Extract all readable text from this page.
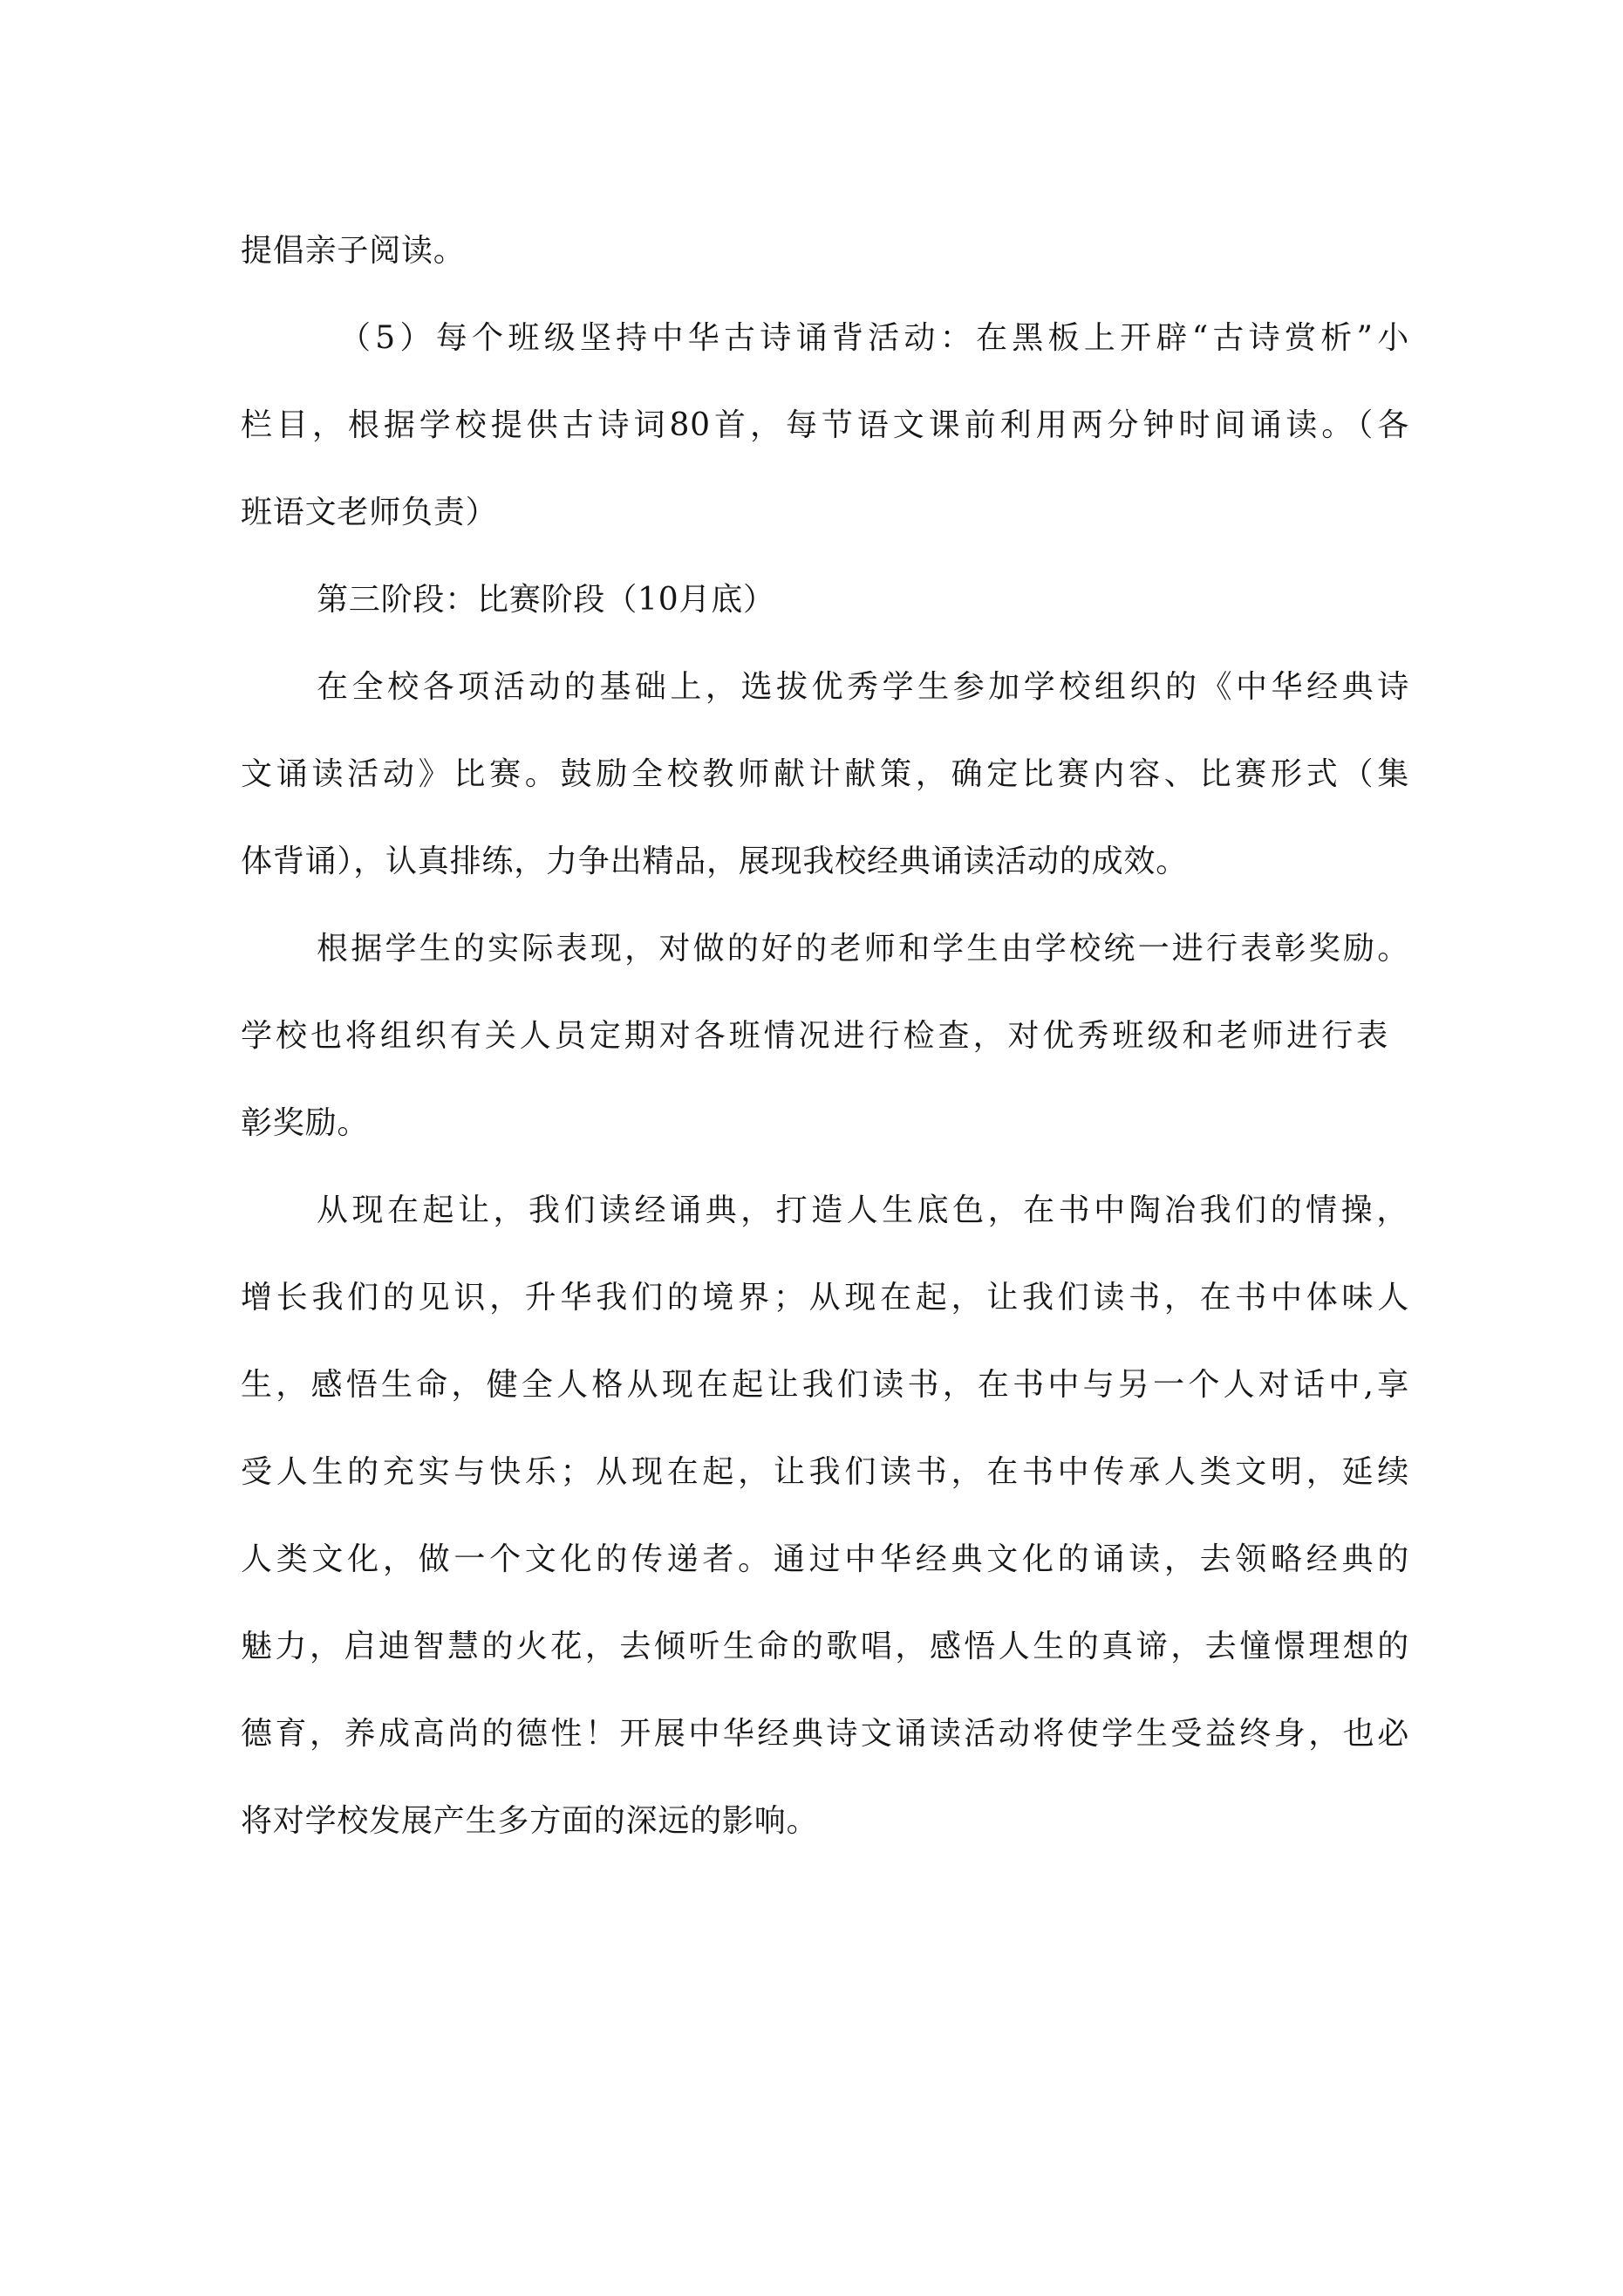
提倡亲子阅读。

（5）每个班级坚持中华古诗诵背活动：在黑板上开辟“古诗赏析”小

栏目，根据学校提供古诗词80首，每节语文课前利用两分钟时间诵读。（各

班语文老师负责）

第三阶段：比赛阶段（10月底）

在全校各项活动的基础上，选拔优秀学生参加学校组织的《中华经典诗

文诵读活动》比赛。鼓励全校教师献计献策，确定比赛内容、比赛形式（集

体背诵），认真排练，力争出精品，展现我校经典诵读活动的成效。

根据学生的实际表现，对做的好的老师和学生由学校统一进行表彰奖励。

学校也将组织有关人员定期对各班情况进行检查，对优秀班级和老师进行表

彰奖励。

从现在起让，我们读经诵典，打造人生底色，在书中陶冶我们的情操，

增长我们的见识，升华我们的境界；从现在起，让我们读书，在书中体味人

生，感悟生命，健全人格从现在起让我们读书，在书中与另一个人对话中,享

受人生的充实与快乐；从现在起，让我们读书，在书中传承人类文明，延续

人类文化，做一个文化的传递者。通过中华经典文化的诵读，去领略经典的

魅力，启迪智慧的火花，去倾听生命的歌唱，感悟人生的真谛，去憧憬理想的

德育，养成高尚的德性！开展中华经典诗文诵读活动将使学生受益终身，也必

将对学校发展产生多方面的深远的影响。
